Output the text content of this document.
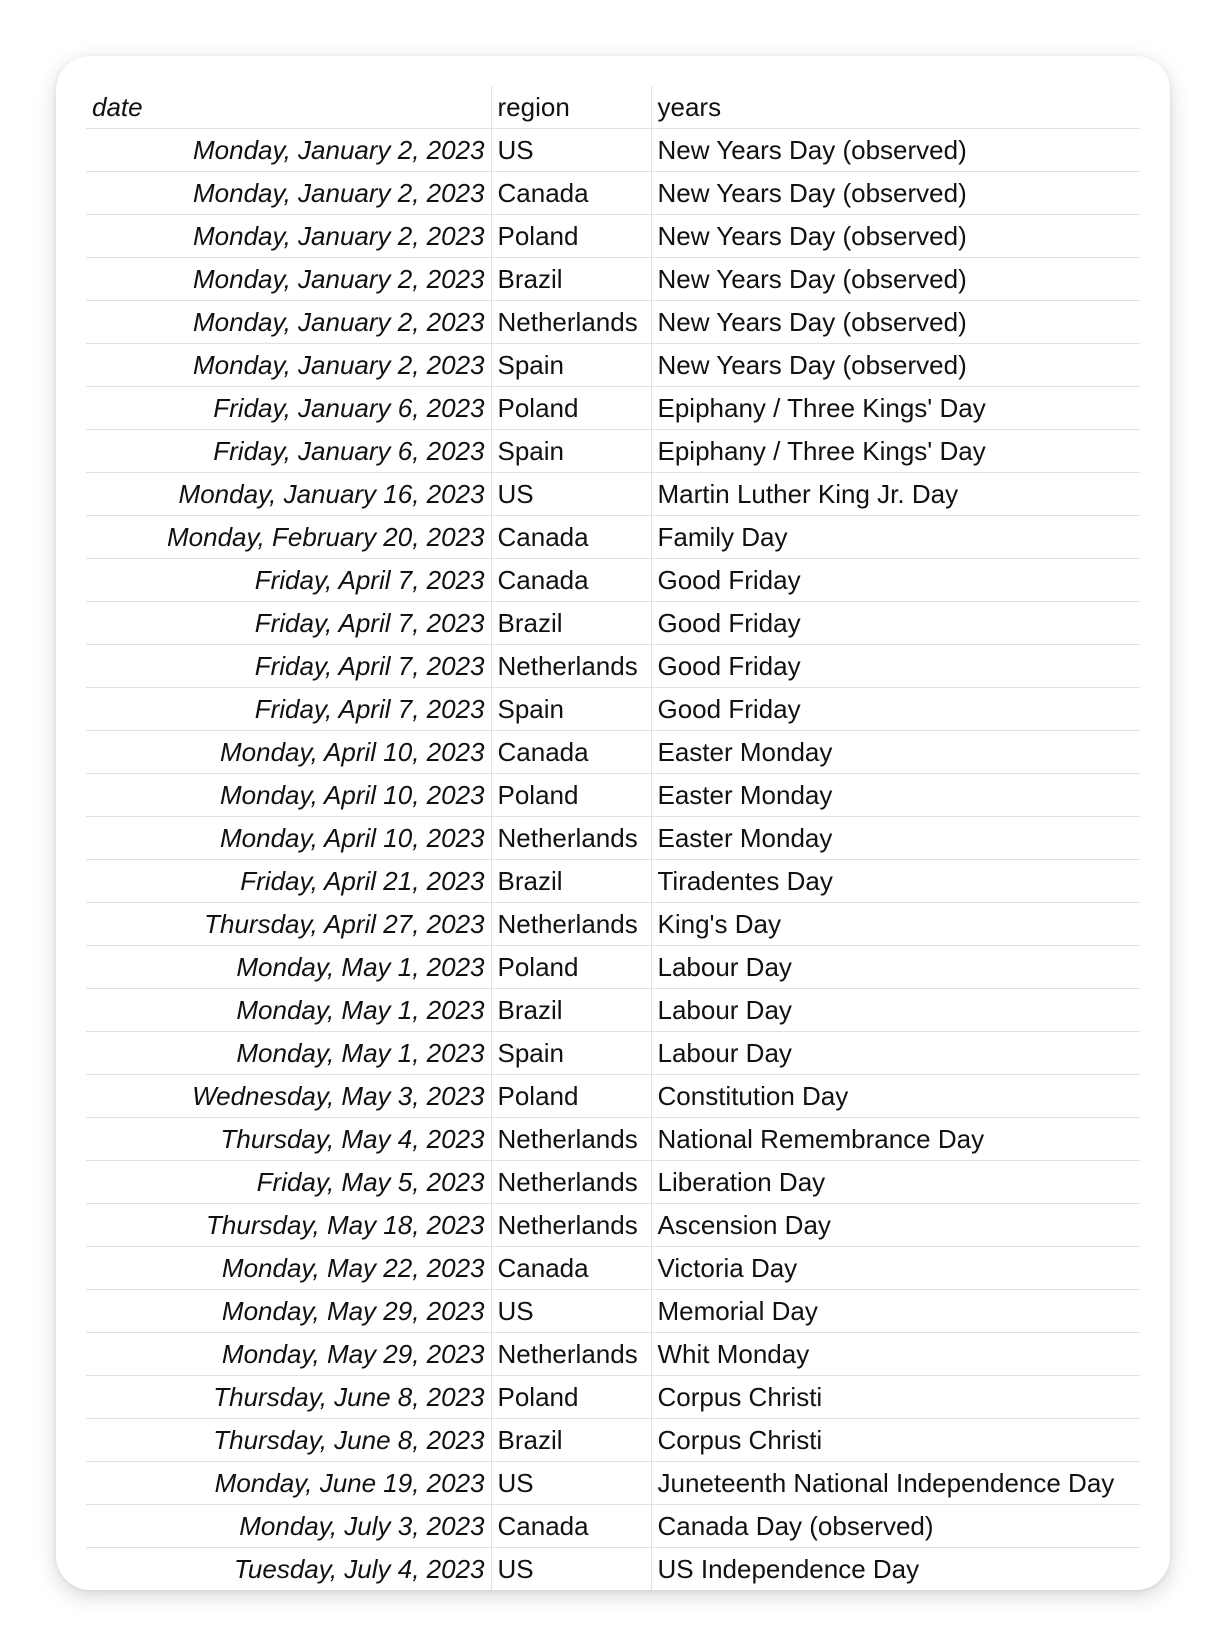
date	region	years
Monday, January 2, 2023	US	New Years Day (observed)
Monday, January 2, 2023	Canada	New Years Day (observed)
Monday, January 2, 2023	Poland	New Years Day (observed)
Monday, January 2, 2023	Brazil	New Years Day (observed)
Monday, January 2, 2023	Netherlands	New Years Day (observed)
Monday, January 2, 2023	Spain	New Years Day (observed)
Friday, January 6, 2023	Poland	Epiphany / Three Kings' Day
Friday, January 6, 2023	Spain	Epiphany / Three Kings' Day
Monday, January 16, 2023	US	Martin Luther King Jr. Day
Monday, February 20, 2023	Canada	Family Day
Friday, April 7, 2023	Canada	Good Friday
Friday, April 7, 2023	Brazil	Good Friday
Friday, April 7, 2023	Netherlands	Good Friday
Friday, April 7, 2023	Spain	Good Friday
Monday, April 10, 2023	Canada	Easter Monday
Monday, April 10, 2023	Poland	Easter Monday
Monday, April 10, 2023	Netherlands	Easter Monday
Friday, April 21, 2023	Brazil	Tiradentes Day
Thursday, April 27, 2023	Netherlands	King's Day
Monday, May 1, 2023	Poland	Labour Day
Monday, May 1, 2023	Brazil	Labour Day
Monday, May 1, 2023	Spain	Labour Day
Wednesday, May 3, 2023	Poland	Constitution Day
Thursday, May 4, 2023	Netherlands	National Remembrance Day
Friday, May 5, 2023	Netherlands	Liberation Day
Thursday, May 18, 2023	Netherlands	Ascension Day
Monday, May 22, 2023	Canada	Victoria Day
Monday, May 29, 2023	US	Memorial Day
Monday, May 29, 2023	Netherlands	Whit Monday
Thursday, June 8, 2023	Poland	Corpus Christi
Thursday, June 8, 2023	Brazil	Corpus Christi
Monday, June 19, 2023	US	Juneteenth National Independence Day
Monday, July 3, 2023	Canada	Canada Day (observed)
Tuesday, July 4, 2023	US	US Independence Day
